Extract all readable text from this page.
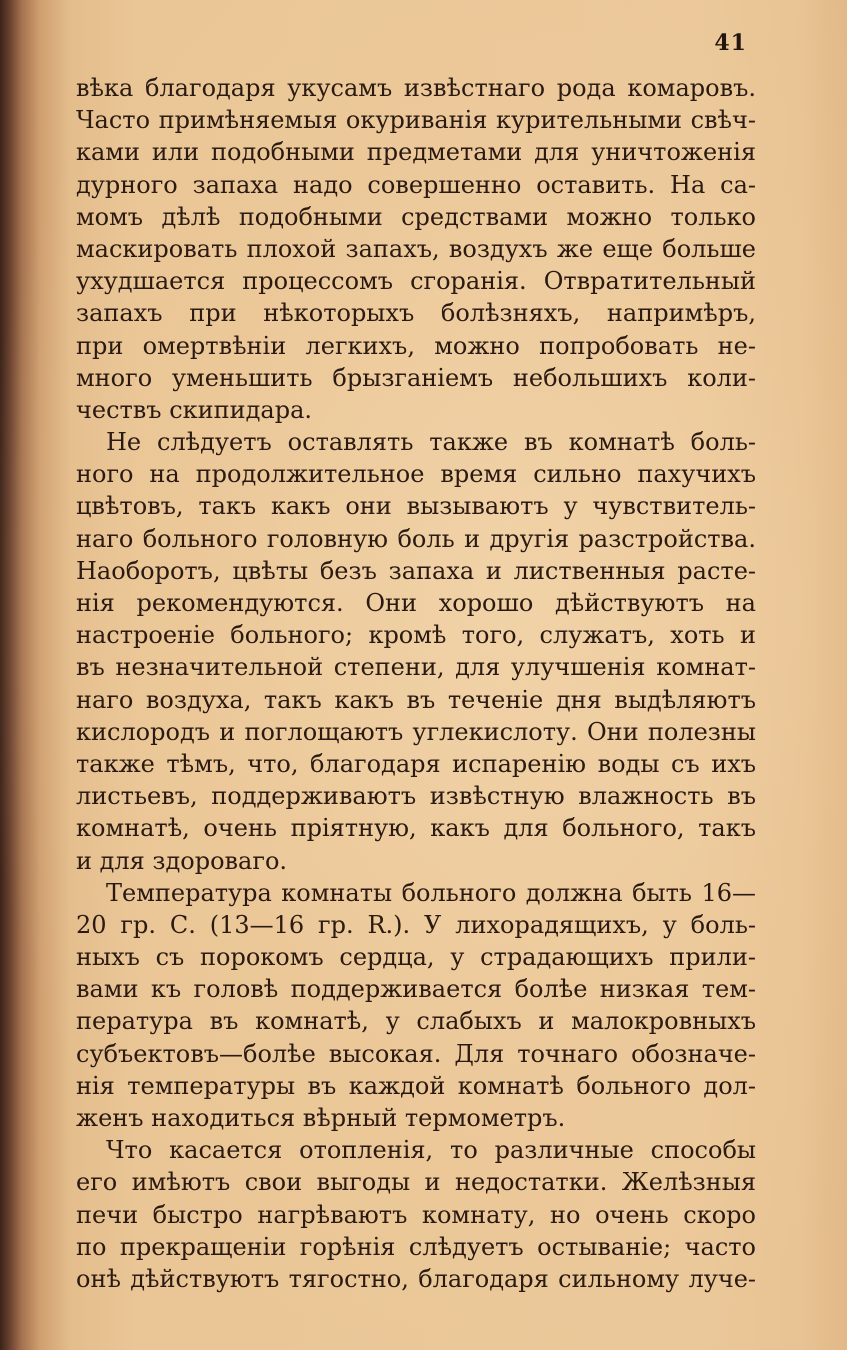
41
вѣка благодаря укусамъ извѣстнаго рода комаровъ.
Часто примѣняемыя окуриванія курительными свѣч-
ками или подобными предметами для уничтоженія
дурного запаха надо совершенно оставить. На са-
момъ дѣлѣ подобными средствами можно только
маскировать плохой запахъ, воздухъ же еще больше
ухудшается процессомъ сгоранія. Отвратительный
запахъ при нѣкоторыхъ болѣзняхъ, напримѣръ,
при омертвѣніи легкихъ, можно попробовать не-
много уменьшить брызганіемъ небольшихъ коли-
чествъ скипидара.
Не слѣдуетъ оставлять также въ комнатѣ боль-
ного на продолжительное время сильно пахучихъ
цвѣтовъ, такъ какъ они вызываютъ у чувствитель-
наго больного головную боль и другія разстройства.
Наоборотъ, цвѣты безъ запаха и лиственныя расте-
нія рекомендуются. Они хорошо дѣйствуютъ на
настроеніе больного; кромѣ того, служатъ, хоть и
въ незначительной степени, для улучшенія комнат-
наго воздуха, такъ какъ въ теченіе дня выдѣляютъ
кислородъ и поглощаютъ углекислоту. Они полезны
также тѣмъ, что, благодаря испаренію воды съ ихъ
листьевъ, поддерживаютъ извѣстную влажность въ
комнатѣ, очень пріятную, какъ для больного, такъ
и для здороваго.
Температура комнаты больного должна быть 16—
20 гр. С. (13—16 гр. R.). У лихорадящихъ, у боль-
ныхъ съ порокомъ сердца, у страдающихъ прили-
вами къ головѣ поддерживается болѣе низкая тем-
пература въ комнатѣ, у слабыхъ и малокровныхъ
субъектовъ—болѣе высокая. Для точнаго обозначе-
нія температуры въ каждой комнатѣ больного дол-
женъ находиться вѣрный термометръ.
Что касается отопленія, то различные способы
его имѣютъ свои выгоды и недостатки. Желѣзныя
печи быстро нагрѣваютъ комнату, но очень скоро
по прекращеніи горѣнія слѣдуетъ остываніе; часто
онѣ дѣйствуютъ тягостно, благодаря сильному луче-
